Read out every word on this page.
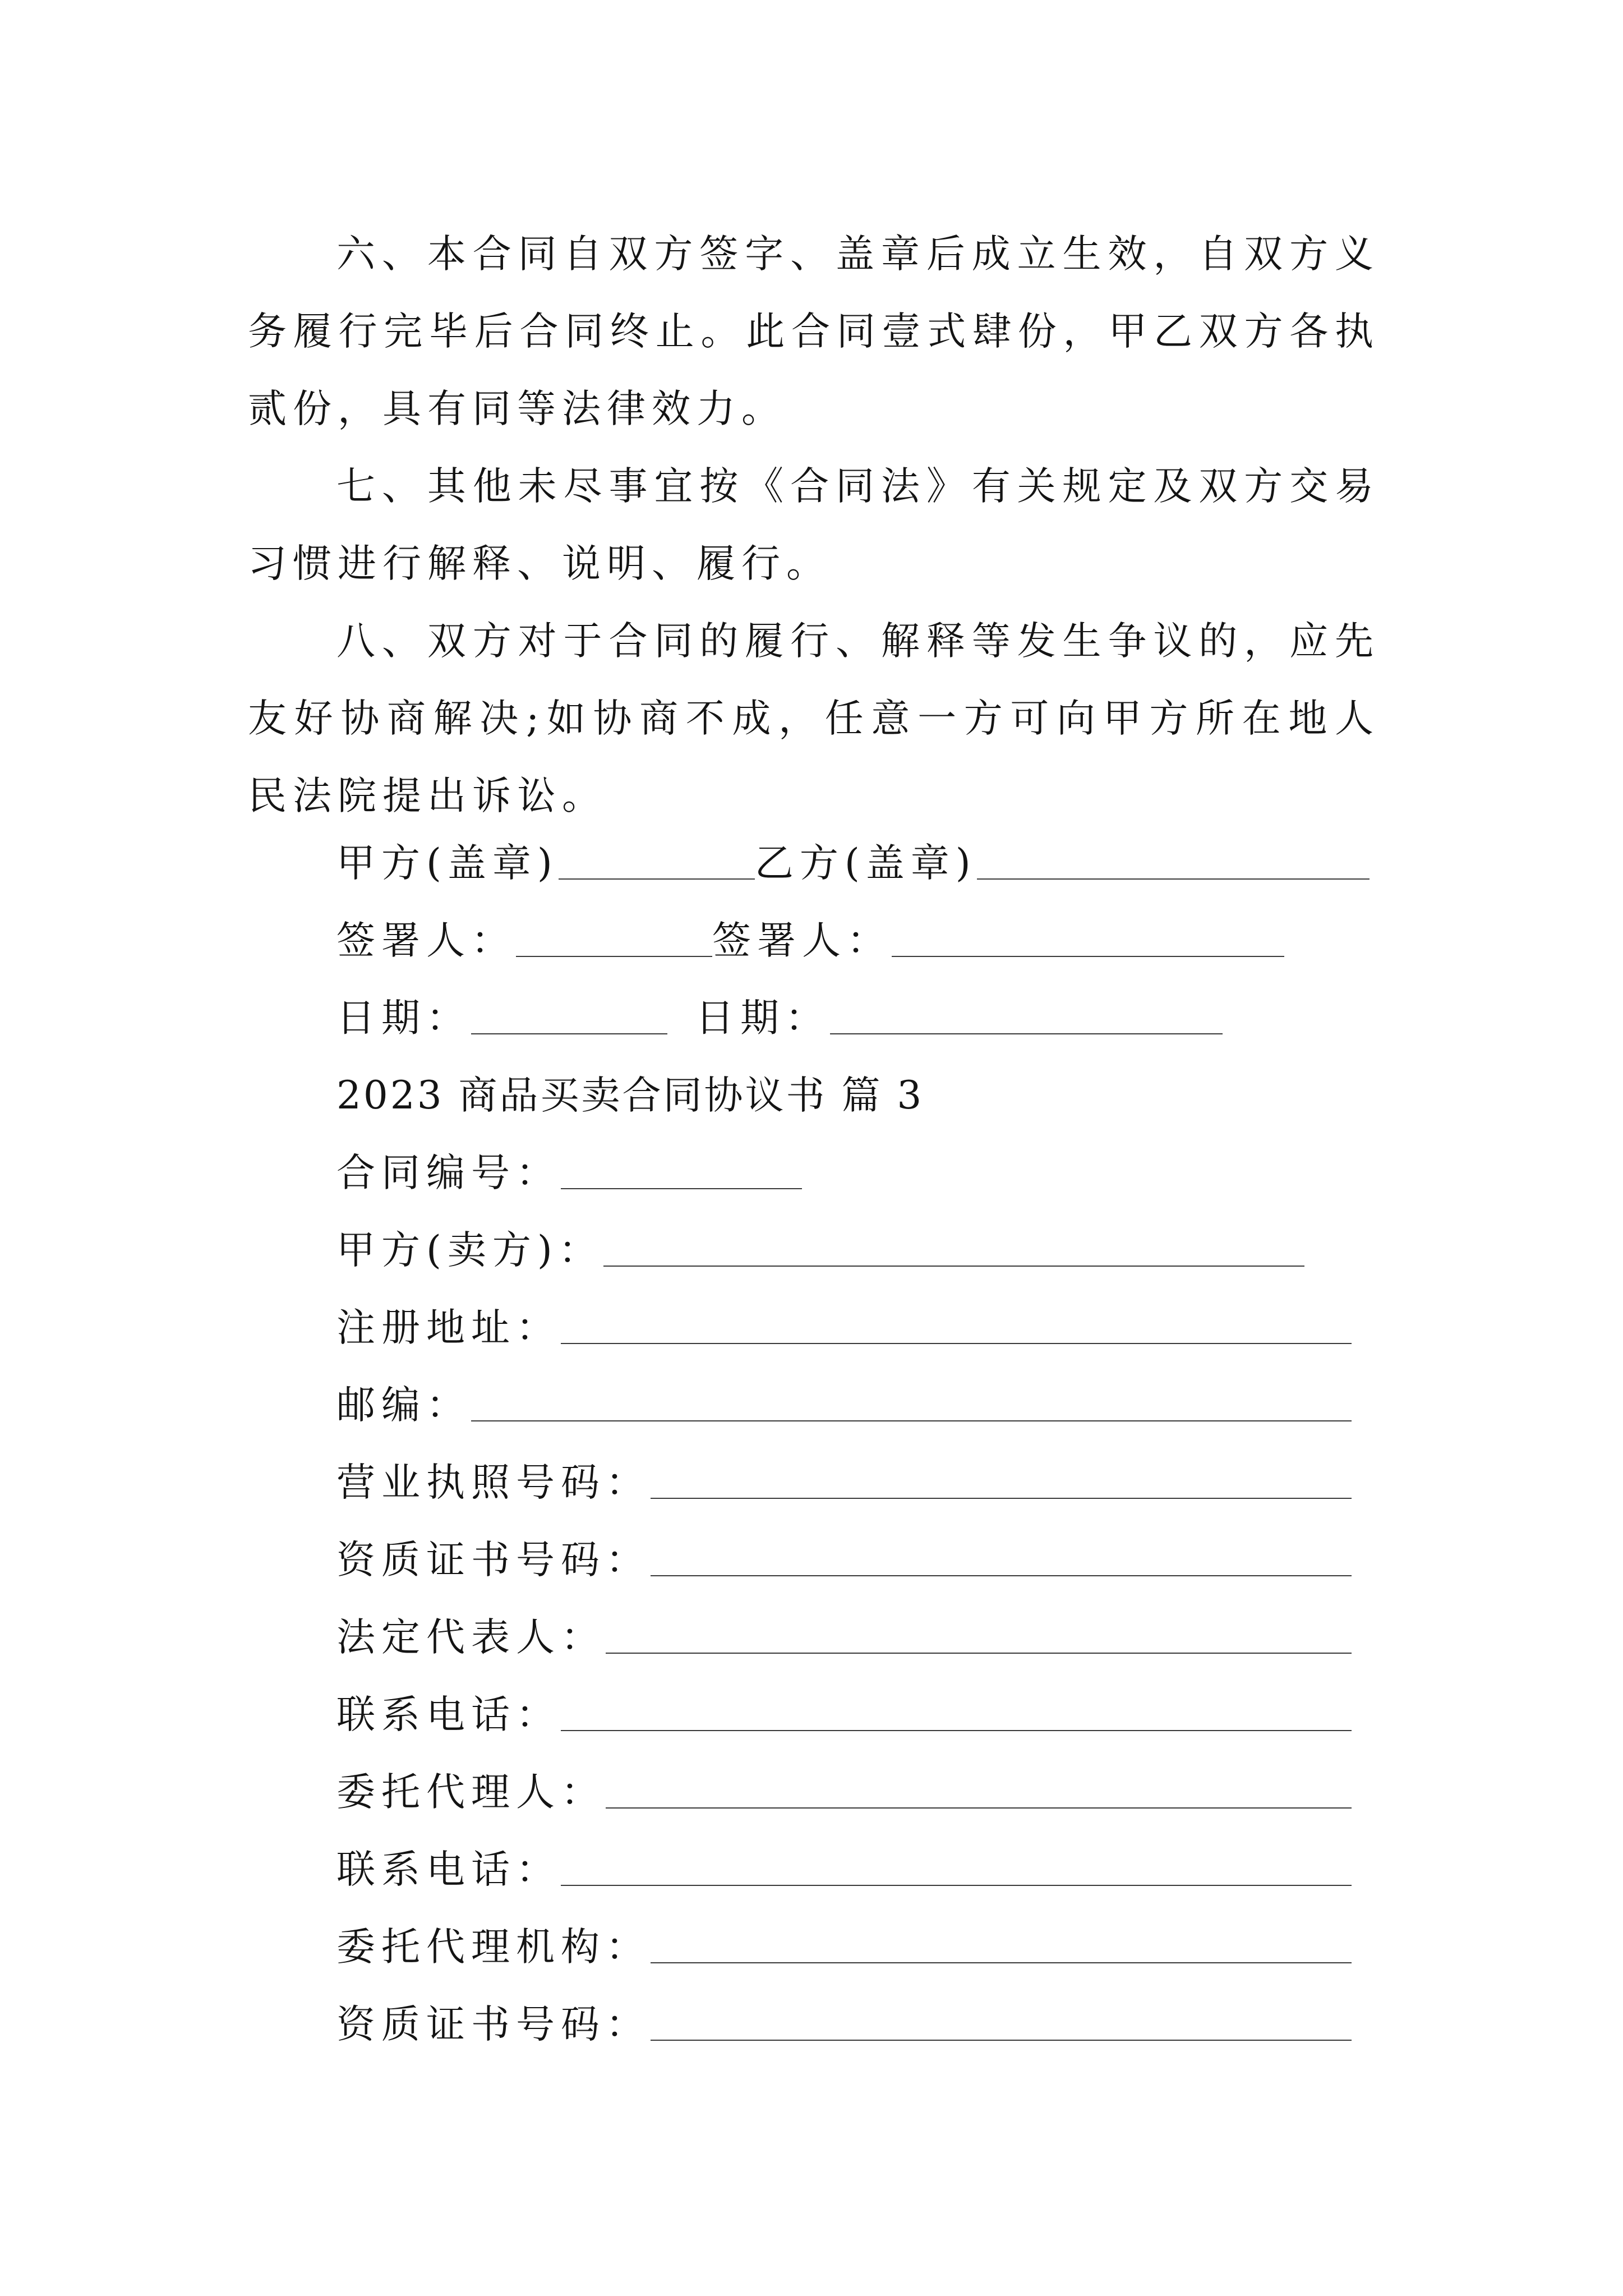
六、本合同自双方签字、盖章后成立生效，自双方义务履行完毕后合同终止。此合同壹式肆份，甲乙双方各执贰份，具有同等法律效力。

七、其他未尽事宜按《合同法》有关规定及双方交易习惯进行解释、说明、履行。

八、双方对于合同的履行、解释等发生争议的，应先友好协商解决;如协商不成，任意一方可向甲方所在地人民法院提出诉讼。

甲方(盖章)	乙方(盖章)
签署人：	签署人：
日期：	日期：
2023 商品买卖合同协议书 篇 3
合同编号：
甲方(卖方)：
注册地址：
邮编：
营业执照号码：
资质证书号码：
法定代表人：
联系电话：
委托代理人：
联系电话：
委托代理机构：
资质证书号码：
